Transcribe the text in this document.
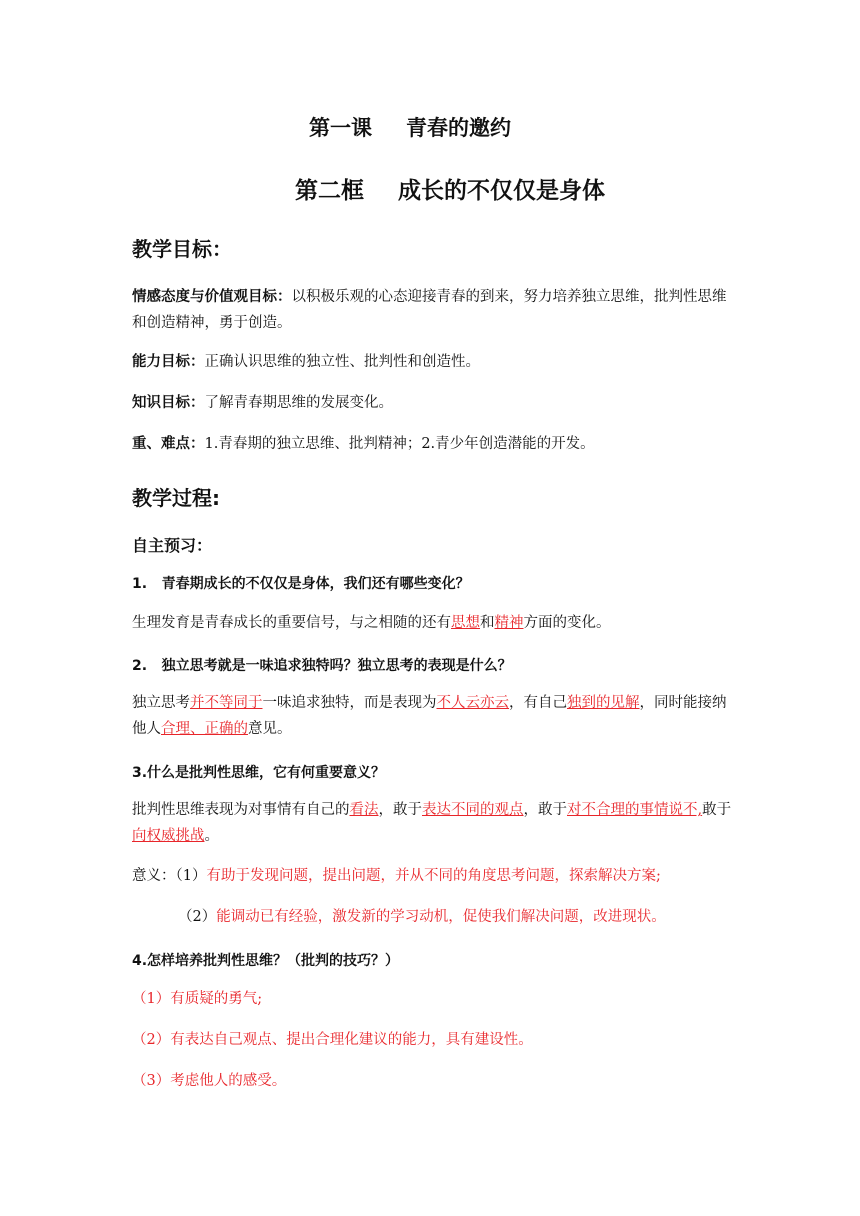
第一课 青春的邀约
第二框 成长的不仅仅是身体
教学目标：
情感态度与价值观目标：以积极乐观的心态迎接青春的到来，努力培养独立思维，批判性思维和创造精神，勇于创造。
能力目标：正确认识思维的独立性、批判性和创造性。
知识目标：了解青春期思维的发展变化。
重、难点：1.青春期的独立思维、批判精神；2.青少年创造潜能的开发。
教学过程:
自主预习：
1.   青春期成长的不仅仅是身体，我们还有哪些变化？
生理发育是青春成长的重要信号，与之相随的还有思想和精神方面的变化。
2.   独立思考就是一味追求独特吗？独立思考的表现是什么？
独立思考并不等同于一味追求独特，而是表现为不人云亦云，有自己独到的见解，同时能接纳他人合理、正确的意见。
3.什么是批判性思维，它有何重要意义？
批判性思维表现为对事情有自己的看法，敢于表达不同的观点，敢于对不合理的事情说不,敢于向权威挑战。
意义：（1）有助于发现问题，提出问题，并从不同的角度思考问题，探索解决方案;
（2）能调动已有经验，激发新的学习动机，促使我们解决问题，改进现状。
4.怎样培养批判性思维？（批判的技巧？）
（1）有质疑的勇气;
（2）有表达自己观点、提出合理化建议的能力，具有建设性。
（3）考虑他人的感受。
